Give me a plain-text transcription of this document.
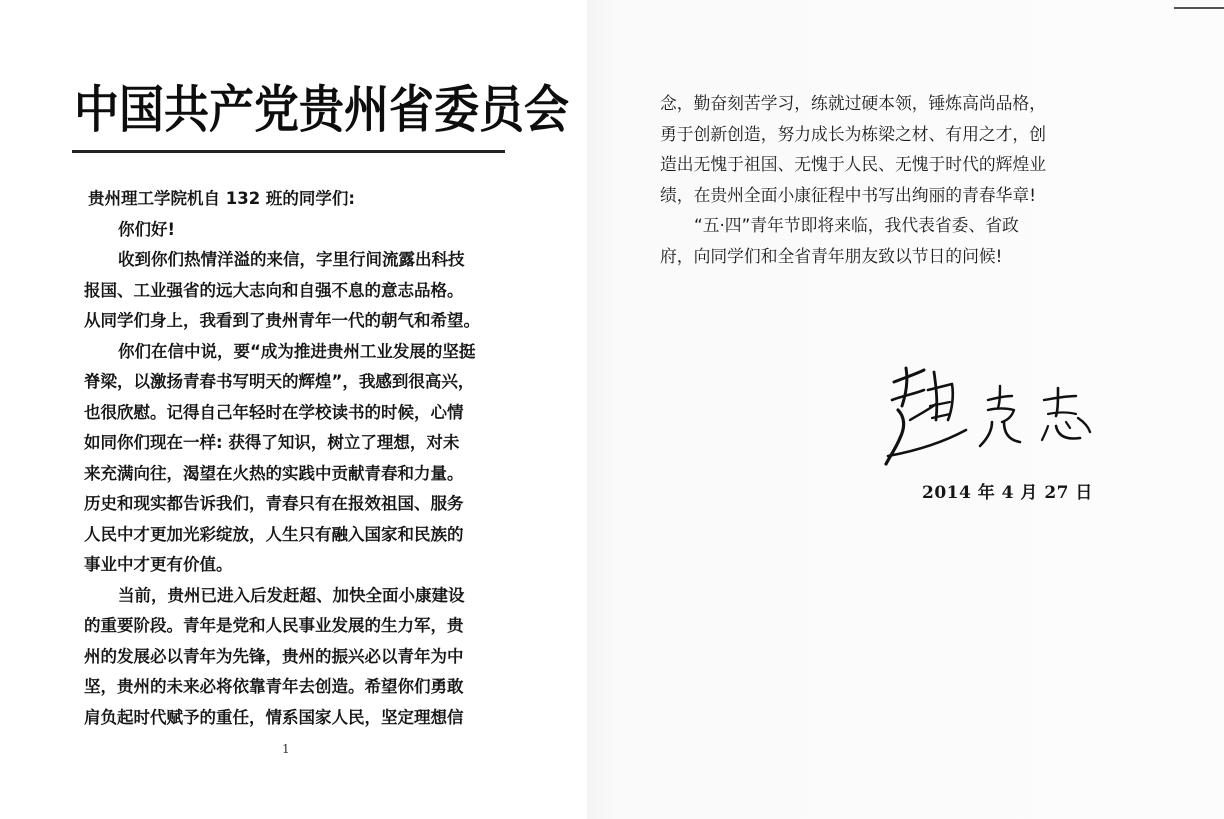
中国共产党贵州省委员会
贵州理工学院机自 132 班的同学们:
你们好!
收到你们热情洋溢的来信，字里行间流露出科技
报国、工业强省的远大志向和自强不息的意志品格。
从同学们身上，我看到了贵州青年一代的朝气和希望。
你们在信中说，要“成为推进贵州工业发展的坚挺
脊梁，以激扬青春书写明天的辉煌”，我感到很高兴，
也很欣慰。记得自己年轻时在学校读书的时候，心情
如同你们现在一样: 获得了知识，树立了理想，对未
来充满向往，渴望在火热的实践中贡献青春和力量。
历史和现实都告诉我们，青春只有在报效祖国、服务
人民中才更加光彩绽放，人生只有融入国家和民族的
事业中才更有价值。
当前，贵州已进入后发赶超、加快全面小康建设
的重要阶段。青年是党和人民事业发展的生力军，贵
州的发展必以青年为先锋，贵州的振兴必以青年为中
坚，贵州的未来必将依靠青年去创造。希望你们勇敢
肩负起时代赋予的重任，情系国家人民，坚定理想信
1
念，勤奋刻苦学习，练就过硬本领，锤炼高尚品格，
勇于创新创造，努力成长为栋梁之材、有用之才，创
造出无愧于祖国、无愧于人民、无愧于时代的辉煌业
绩，在贵州全面小康征程中书写出绚丽的青春华章!
“五·四”青年节即将来临，我代表省委、省政
府，向同学们和全省青年朋友致以节日的问候!
2014 年 4 月 27 日
